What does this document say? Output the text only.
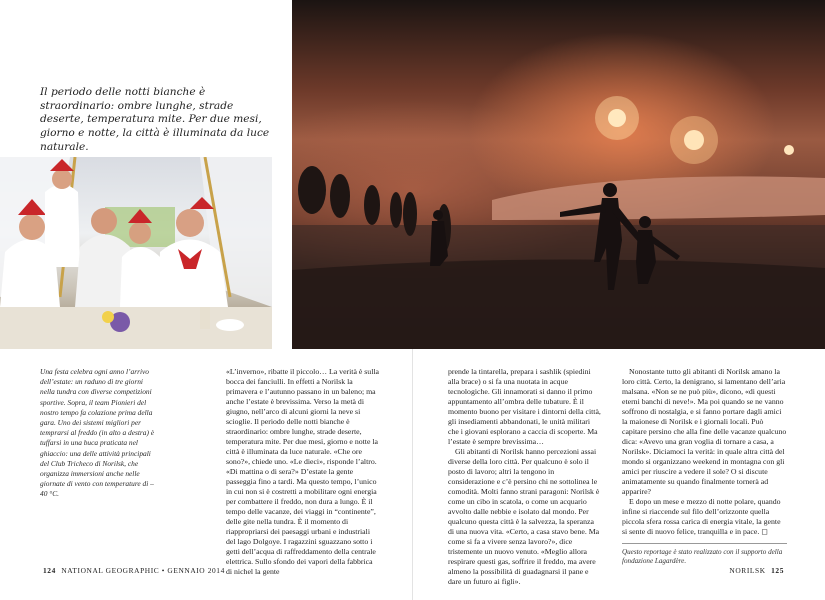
Il periodo delle notti bianche è straordinario: ombre lunghe, strade deserte, temperatura mite. Per due mesi, giorno e notte, la città è illuminata da luce naturale.
Una festa celebra ogni anno l’arrivo dell’estate: un raduno di tre giorni nella tundra con diverse competizioni sportive. Sopra, il team Pionieri del nostro tempo fa colazione prima della gara. Uno dei sistemi migliori per temprarsi al freddo (in alto a destra) è tuffarsi in una buca praticata nel ghiaccio: una delle attività principali del Club Tricheco di Norilsk, che organizza immersioni anche nelle giornate di vento con temperature di –40 °C.

«L’inverno», ribatte il piccolo… La verità è sulla bocca dei fanciulli. In effetti a Norilsk la primavera e l’autunno passano in un baleno; ma anche l’estate è brevissima. Verso la metà di giugno, nell’arco di alcuni giorni la neve si scioglie. Il periodo delle notti bianche è straordinario: ombre lunghe, strade deserte, temperatura mite. Per due mesi, giorno e notte la città è illuminata da luce naturale. «Che ore sono?», chiede uno. «Le dieci», risponde l’altro. «Di mattina o di sera?» D’estate la gente passeggia fino a tardi. Ma questo tempo, l’unico in cui non si è costretti a mobilitare ogni energia per combattere il freddo, non dura a lungo. È il tempo delle vacanze, dei viaggi in “continente”, delle gite nella tundra. È il momento di riappropriarsi dei paesaggi urbani e industriali del lago Dolgoye. I ragazzini sguazzano sotto i getti dell’acqua di raffreddamento della centrale elettrica. Sullo sfondo dei vapori della fabbrica di nichel la gente

prende la tintarella, prepara i sashlik (spiedini alla brace) o si fa una nuotata in acque tecnologiche. Gli innamorati si danno il primo appuntamento all’ombra delle tubature. È il momento buono per visitare i dintorni della città, gli insediamenti abbandonati, le unità militari che i giovani esplorano a caccia di scoperte. Ma l’estate è sempre brevissima…

Gli abitanti di Norilsk hanno percezioni assai diverse della loro città. Per qualcuno è solo il posto di lavoro; altri la tengono in considerazione e c’è persino chi ne sottolinea le comodità. Molti fanno strani paragoni: Norilsk è come un cibo in scatola, o come un acquario avvolto dalle nebbie e isolato dal mondo. Per qualcuno questa città è la salvezza, la speranza di una nuova vita. «Certo, a casa stavo bene. Ma come si fa a vivere senza lavoro?», dice tristemente un nuovo venuto. «Meglio allora respirare questi gas, soffrire il freddo, ma avere almeno la possibilità di guadagnarsi il pane e dare un futuro ai figli».

Nonostante tutto gli abitanti di Norilsk amano la loro città. Certo, la denigrano, si lamentano dell’aria malsana. «Non se ne può più», dicono, «di questi eterni banchi di neve!». Ma poi quando se ne vanno soffrono di nostalgia, e si fanno portare dagli amici la maionese di Norilsk e i giornali locali. Può capitare persino che alla fine delle vacanze qualcuno dica: «Avevo una gran voglia di tornare a casa, a Norilsk». Diciamoci la verità: in quale altra città del mondo si organizzano weekend in montagna con gli amici per riuscire a vedere il sole? O si discute animatamente su quando finalmente tornerà ad apparire?

E dopo un mese e mezzo di notte polare, quando infine si riaccende sul filo dell’orizzonte quella piccola sfera rossa carica di energia vitale, la gente si sente di nuovo felice, tranquilla e in pace. ◻

Questo reportage è stato realizzato con il supporto della fondazione Lagardère.
124 NATIONAL GEOGRAPHIC • GENNAIO 2014	NORILSK 125
